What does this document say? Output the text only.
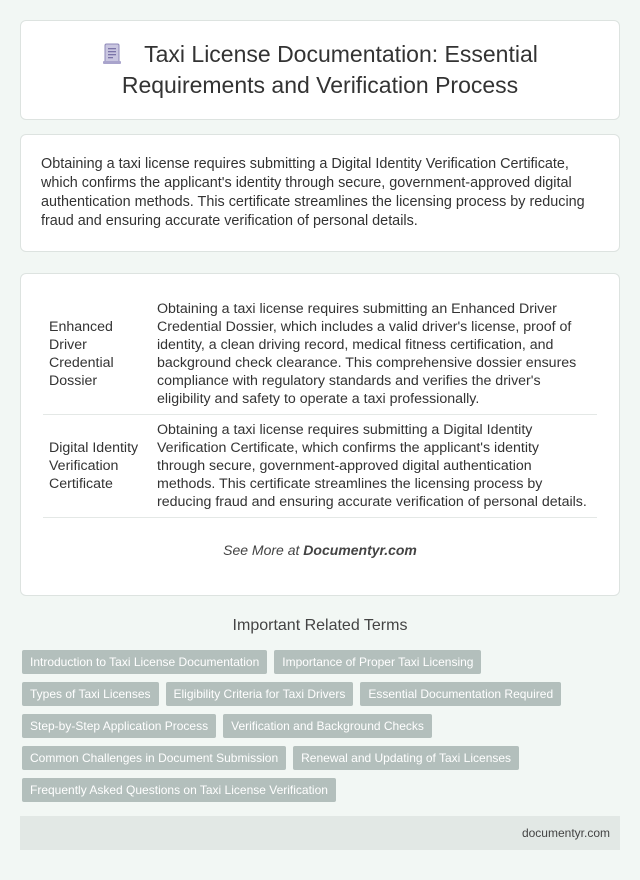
Taxi License Documentation: Essential Requirements and Verification Process
Obtaining a taxi license requires submitting a Digital Identity Verification Certificate, which confirms the applicant's identity through secure, government-approved digital authentication methods. This certificate streamlines the licensing process by reducing fraud and ensuring accurate verification of personal details.
Enhanced Driver Credential Dossier	Obtaining a taxi license requires submitting an Enhanced Driver Credential Dossier, which includes a valid driver's license, proof of identity, a clean driving record, medical fitness certification, and background check clearance. This comprehensive dossier ensures compliance with regulatory standards and verifies the driver's eligibility and safety to operate a taxi professionally.
Digital Identity Verification Certificate	Obtaining a taxi license requires submitting a Digital Identity Verification Certificate, which confirms the applicant's identity through secure, government-approved digital authentication methods. This certificate streamlines the licensing process by reducing fraud and ensuring accurate verification of personal details.
See More at Documentyr.com
Important Related Terms
Introduction to Taxi License Documentation	Importance of Proper Taxi Licensing
Types of Taxi Licenses	Eligibility Criteria for Taxi Drivers	Essential Documentation Required
Step-by-Step Application Process	Verification and Background Checks
Common Challenges in Document Submission	Renewal and Updating of Taxi Licenses
Frequently Asked Questions on Taxi License Verification
documentyr.com
